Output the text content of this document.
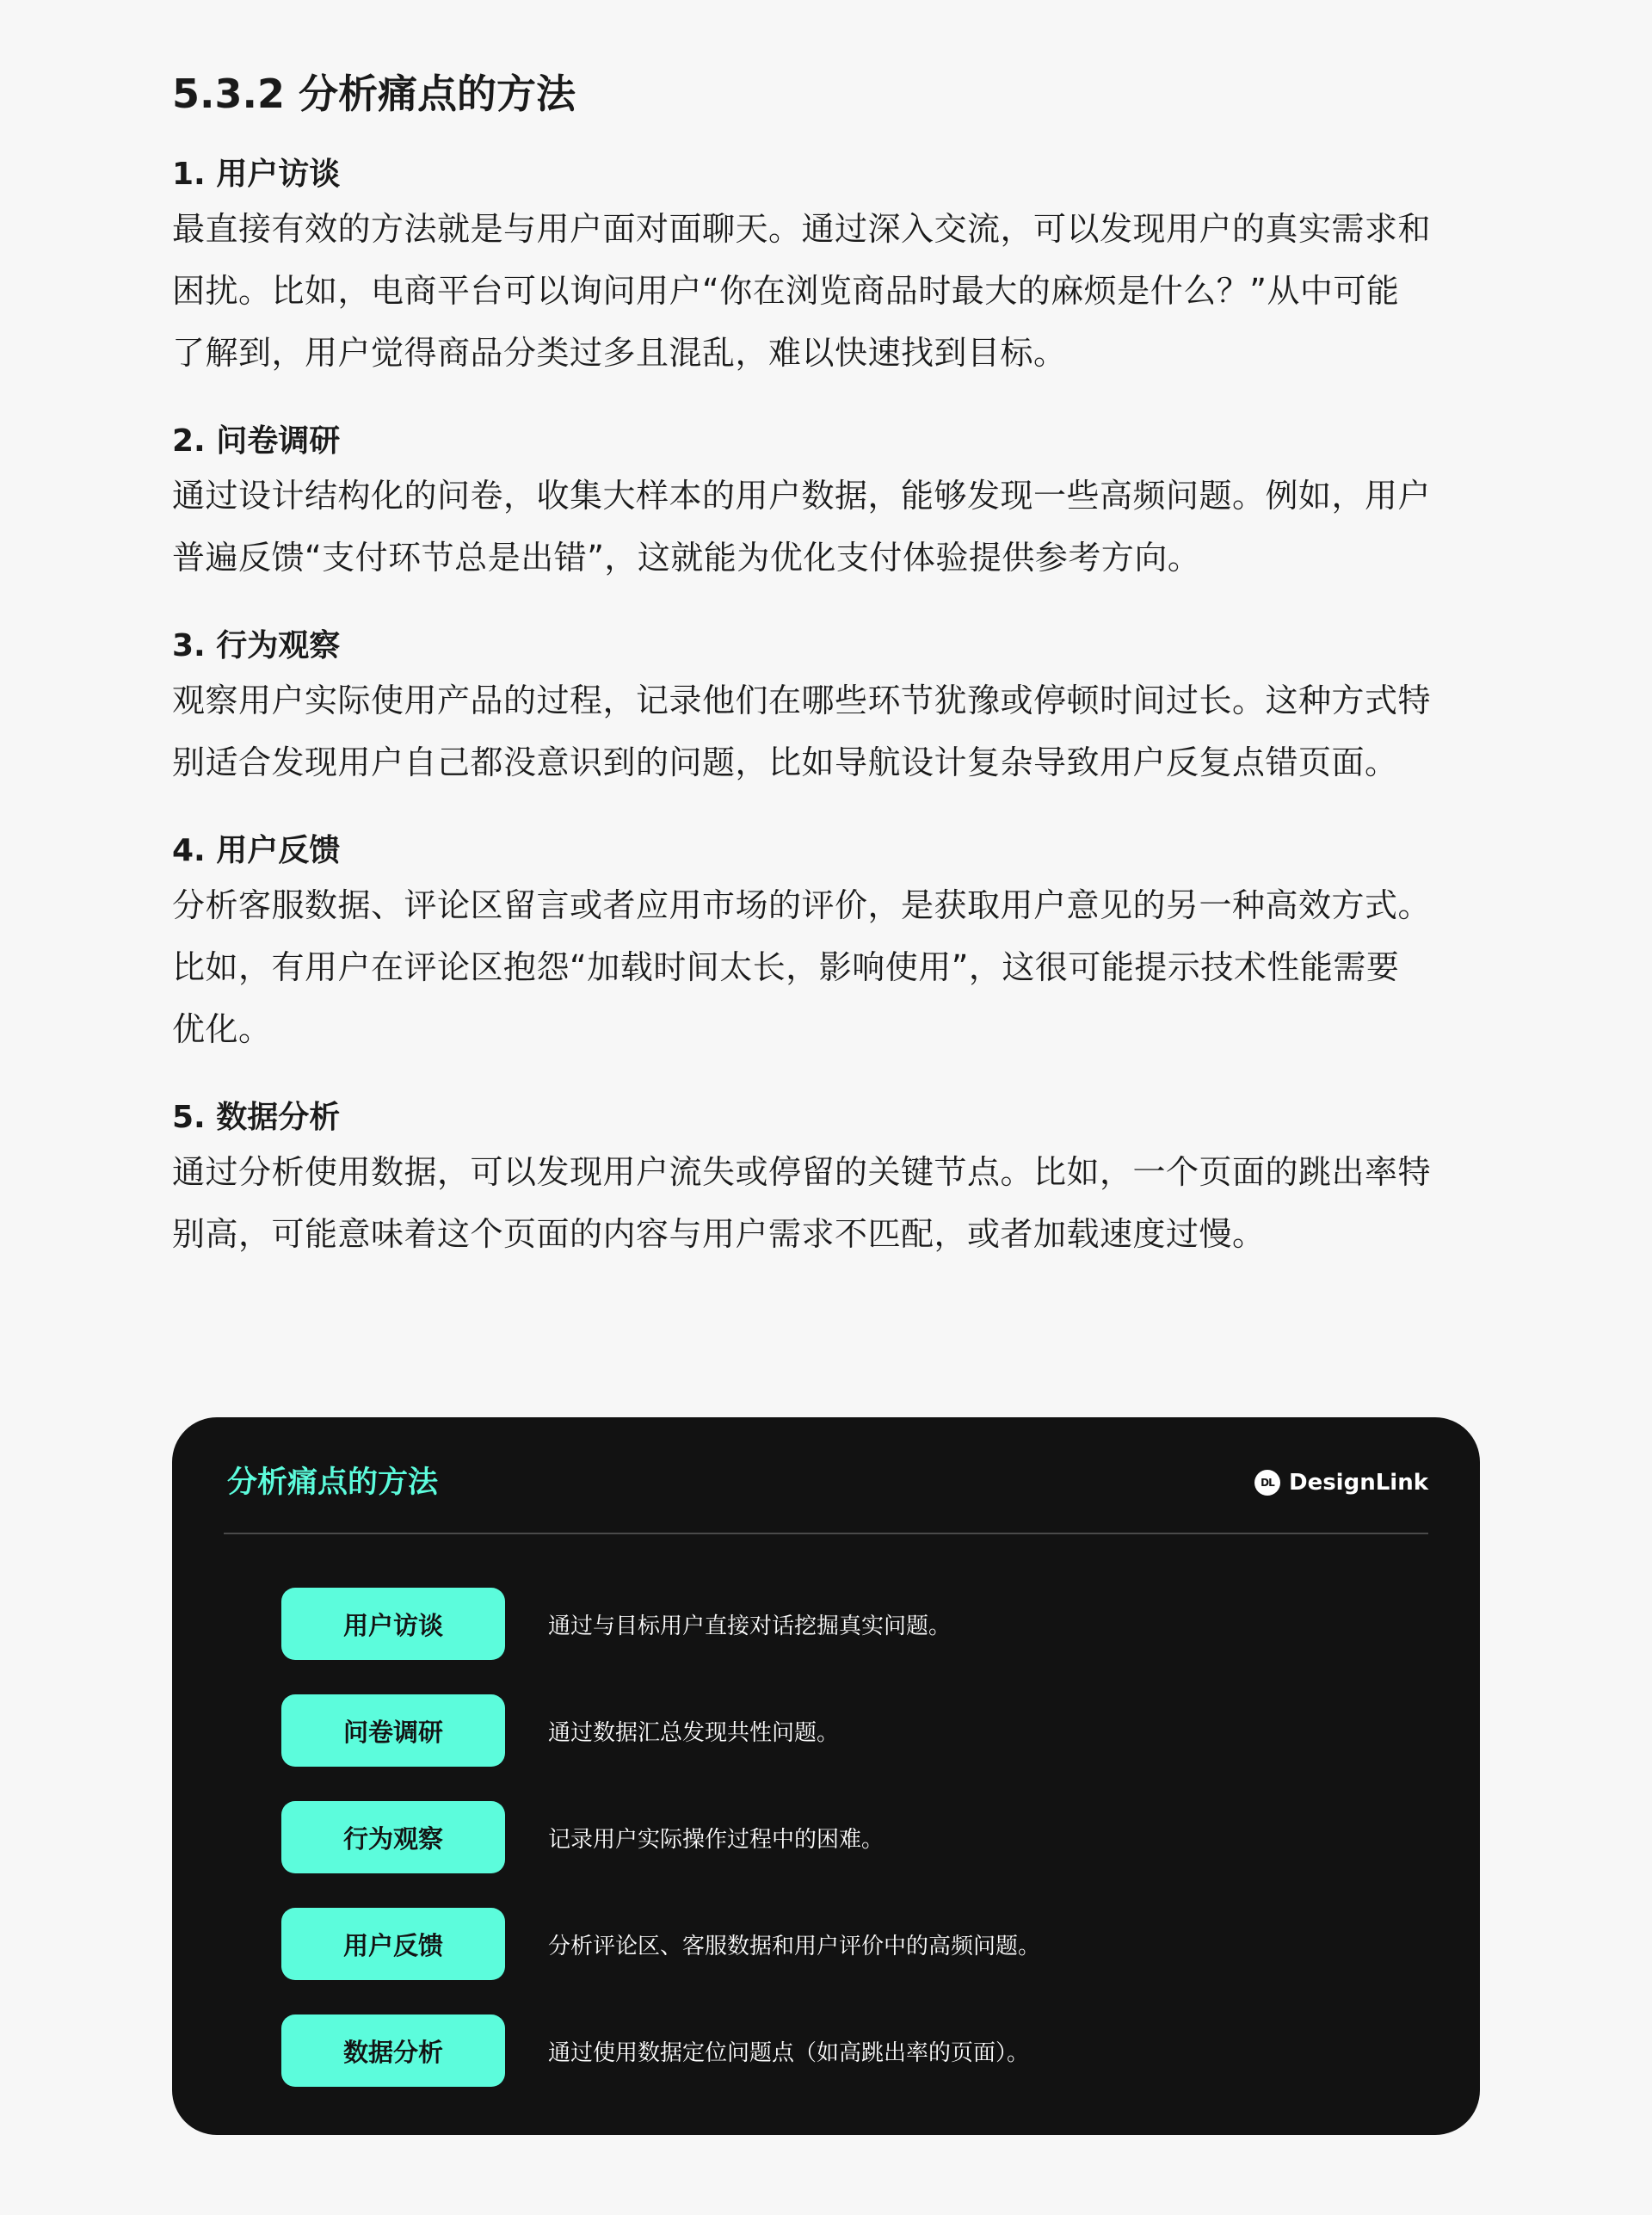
5.3.2 分析痛点的方法
1. 用户访谈

最直接有效的方法就是与用户面对面聊天。通过深入交流，可以发现用户的真实需求和
困扰。比如，电商平台可以询问用户“你在浏览商品时最大的麻烦是什么？”从中可能
了解到，用户觉得商品分类过多且混乱，难以快速找到目标。

2. 问卷调研

通过设计结构化的问卷，收集大样本的用户数据，能够发现一些高频问题。例如，用户
普遍反馈“支付环节总是出错”，这就能为优化支付体验提供参考方向。

3. 行为观察

观察用户实际使用产品的过程，记录他们在哪些环节犹豫或停顿时间过长。这种方式特
别适合发现用户自己都没意识到的问题，比如导航设计复杂导致用户反复点错页面。

4. 用户反馈

分析客服数据、评论区留言或者应用市场的评价，是获取用户意见的另一种高效方式。
比如，有用户在评论区抱怨“加载时间太长，影响使用”，这很可能提示技术性能需要
优化。

5. 数据分析

通过分析使用数据，可以发现用户流失或停留的关键节点。比如，一个页面的跳出率特
别高，可能意味着这个页面的内容与用户需求不匹配，或者加载速度过慢。

分析痛点的方法	DL DesignLink
用户访谈	通过与目标用户直接对话挖掘真实问题。
问卷调研	通过数据汇总发现共性问题。
行为观察	记录用户实际操作过程中的困难。
用户反馈	分析评论区、客服数据和用户评价中的高频问题。
数据分析	通过使用数据定位问题点（如高跳出率的页面）。
